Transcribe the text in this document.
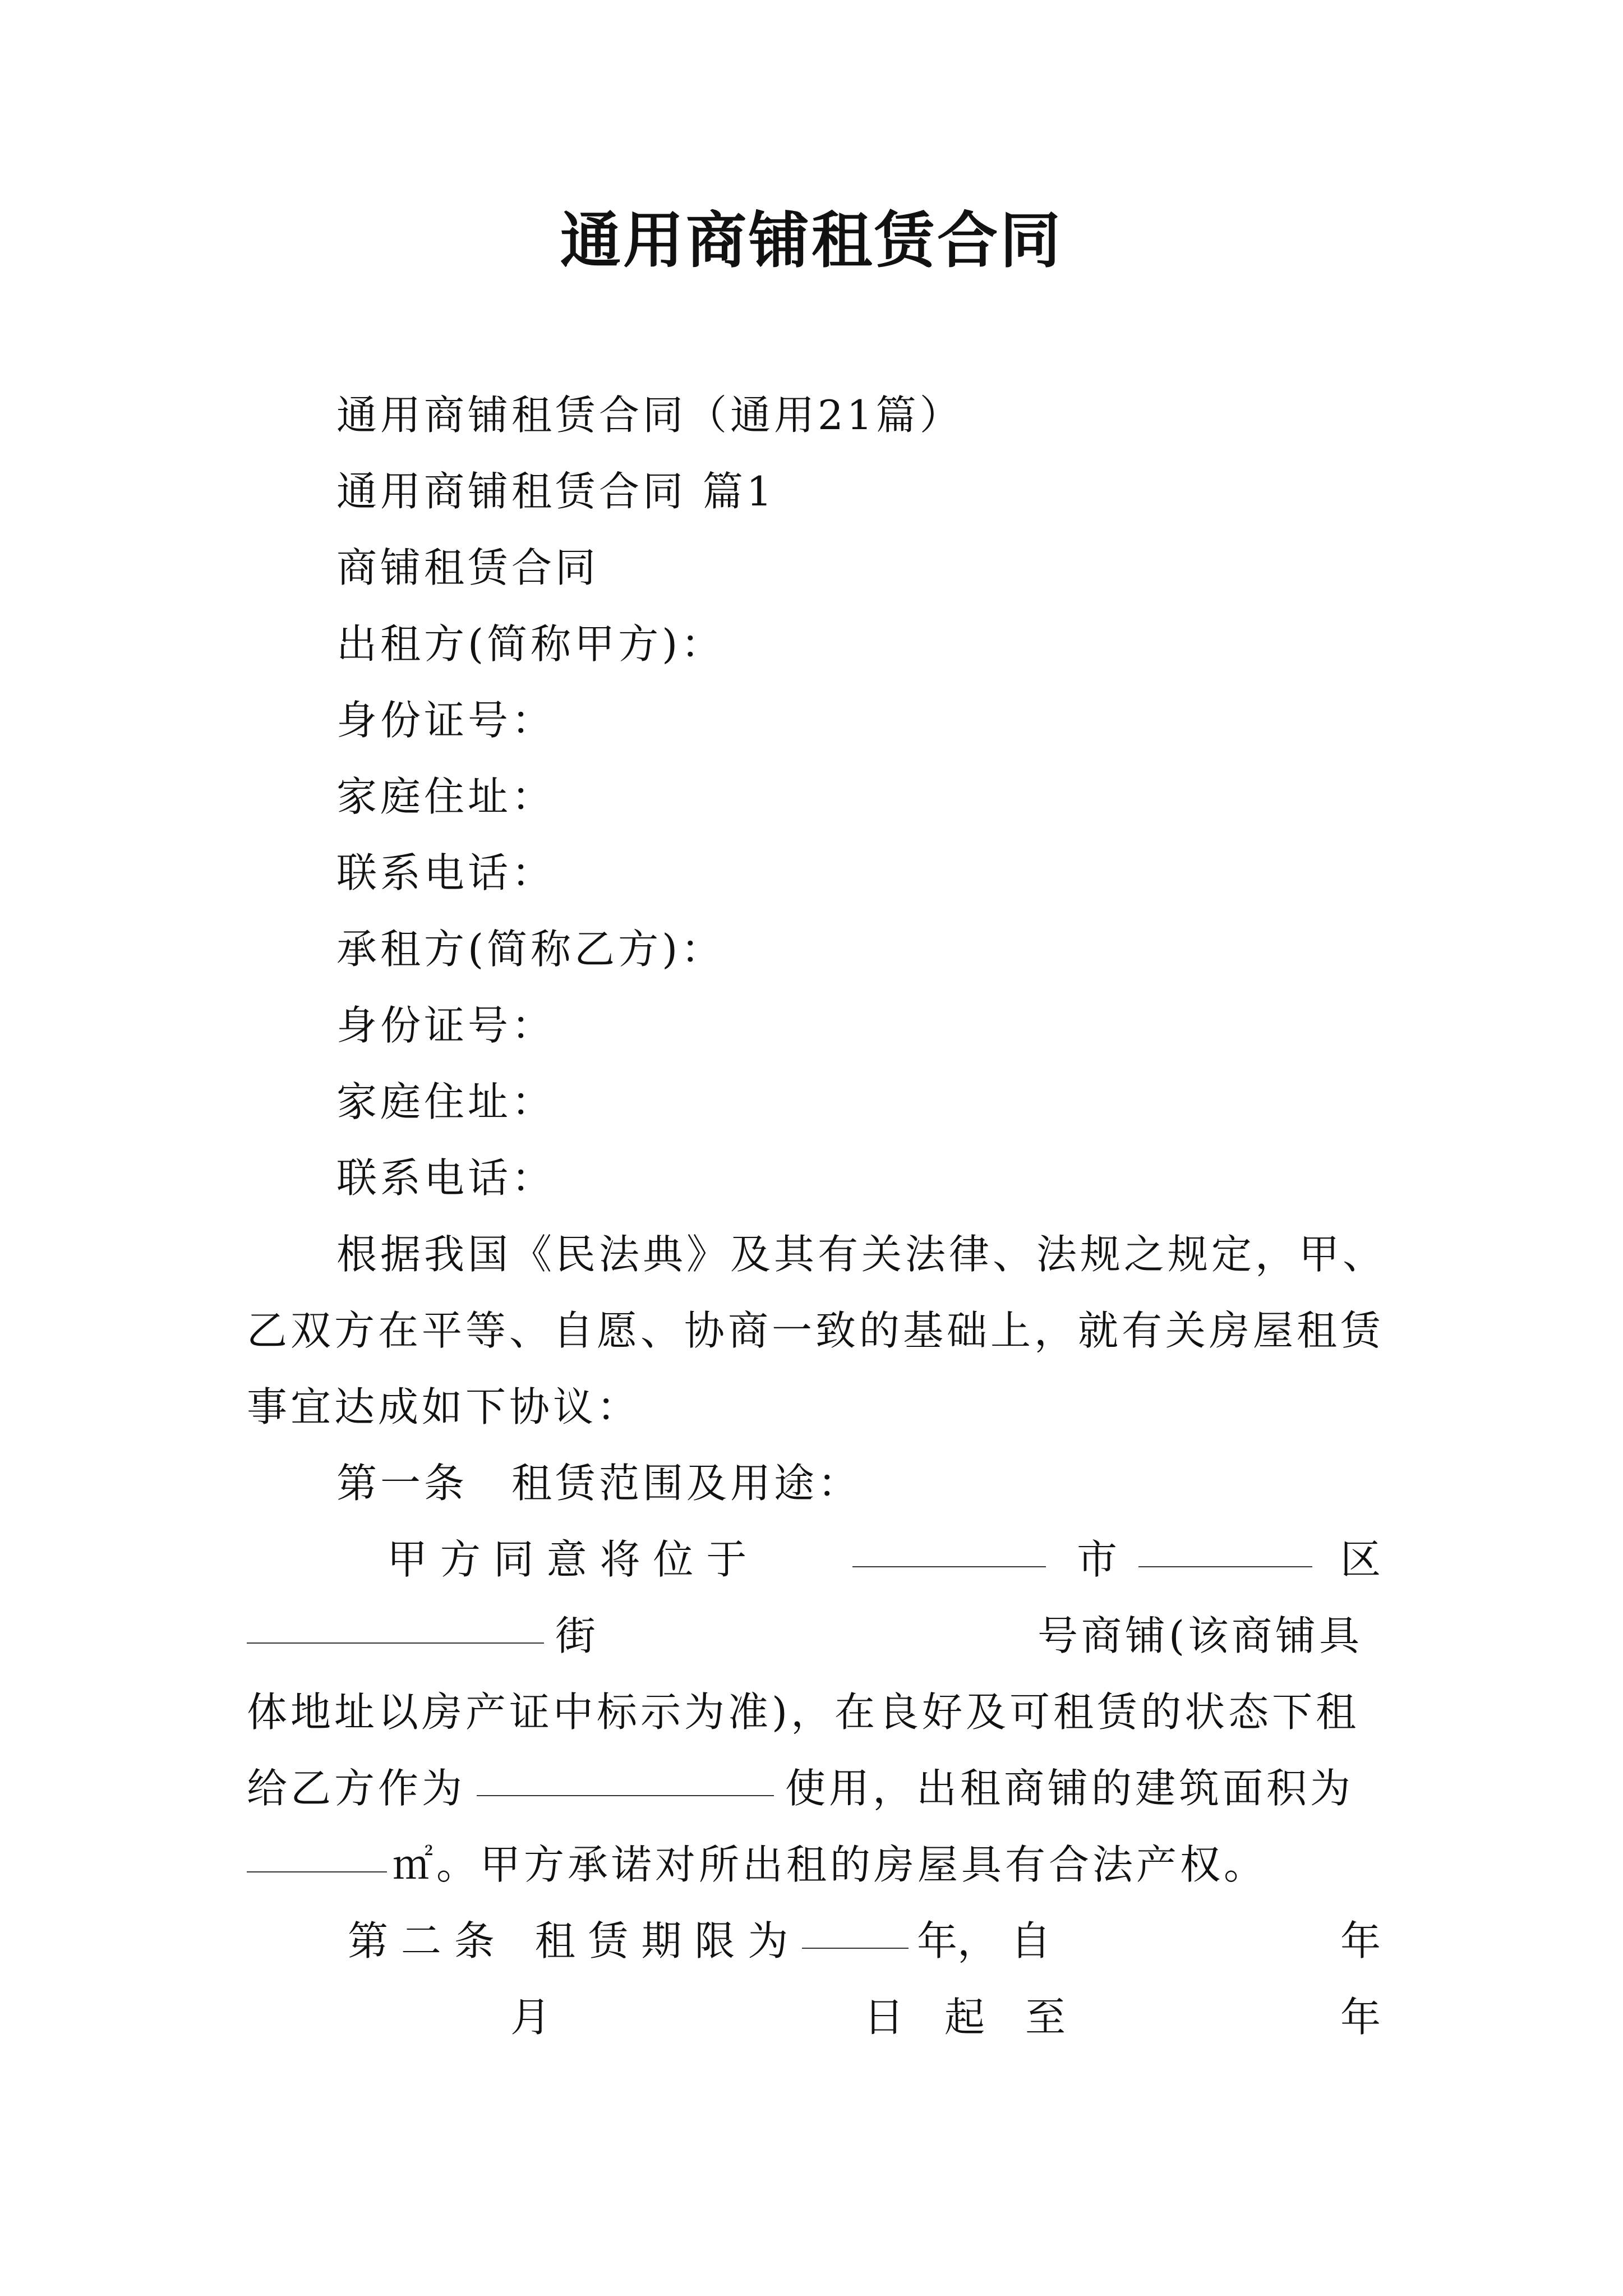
通用商铺租赁合同
通用商铺租赁合同（通用21篇）
通用商铺租赁合同 篇1
商铺租赁合同
出租方(简称甲方)：
身份证号：
家庭住址：
联系电话：
承租方(简称乙方)：
身份证号：
家庭住址：
联系电话：
根据我国《民法典》及其有关法律、法规之规定，甲、
乙双方在平等、自愿、协商一致的基础上，就有关房屋租赁
事宜达成如下协议：
第一条　租赁范围及用途：
甲 方 同 意 将 位 于	市	区
街	号商铺(该商铺具
体地址以房产证中标示为准)，在良好及可租赁的状态下租
给乙方作为	使用，出租商铺的建筑面积为
㎡。甲方承诺对所出租的房屋具有合法产权。
第 二 条　租 赁 期 限 为	年， 自	年
月	日　起　至	年
